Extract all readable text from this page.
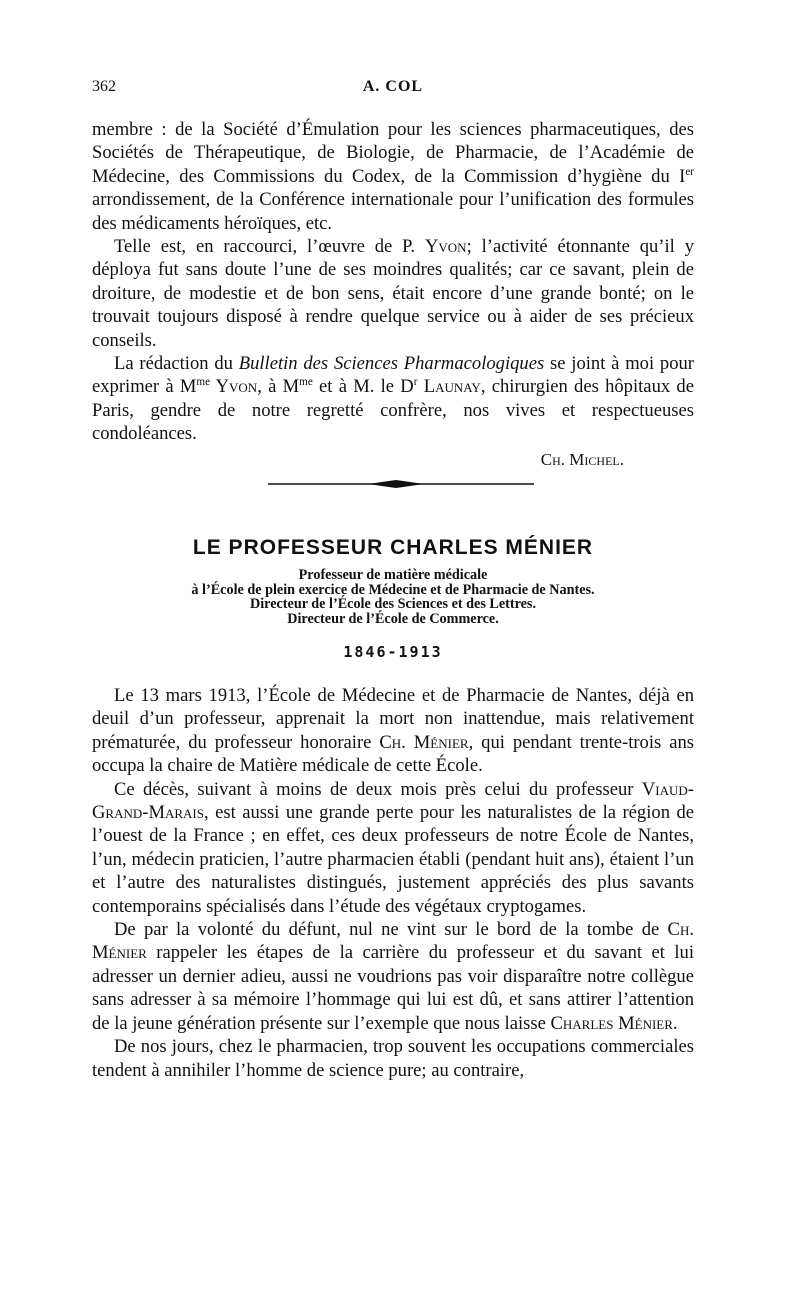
362	A. COL

membre : de la Société d’Émulation pour les sciences pharmaceutiques, des Sociétés de Thérapeutique, de Biologie, de Pharmacie, de l’Académie de Médecine, des Commissions du Codex, de la Commission d’hygiène du Ier arrondissement, de la Conférence internationale pour l’unification des formules des médicaments héroïques, etc.

Telle est, en raccourci, l’œuvre de P. Yvon; l’activité étonnante qu’il y déploya fut sans doute l’une de ses moindres qualités; car ce savant, plein de droiture, de modestie et de bon sens, était encore d’une grande bonté; on le trouvait toujours disposé à rendre quelque service ou à aider de ses précieux conseils.

La rédaction du Bulletin des Sciences Pharmacologiques se joint à moi pour exprimer à $M^{me}$ Yvon, à $M^{me}$ et à M. le $D^r$ Launay, chirurgien des hôpitaux de Paris, gendre de notre regretté confrère, nos vives et respectueuses condoléances.

Ch. Michel.
LE PROFESSEUR CHARLES MÉNIER
Professeur de matière médicale
à l’École de plein exercice de Médecine et de Pharmacie de Nantes.
Directeur de l’École des Sciences et des Lettres.
Directeur de l’École de Commerce.
1846-1913

Le 13 mars 1913, l’École de Médecine et de Pharmacie de Nantes, déjà en deuil d’un professeur, apprenait la mort non inattendue, mais relativement prématurée, du professeur honoraire Ch. Ménier, qui pendant trente-trois ans occupa la chaire de Matière médicale de cette École.

Ce décès, suivant à moins de deux mois près celui du professeur Viaud-Grand-Marais, est aussi une grande perte pour les naturalistes de la région de l’ouest de la France ; en effet, ces deux professeurs de notre École de Nantes, l’un, médecin praticien, l’autre pharmacien établi (pendant huit ans), étaient l’un et l’autre des naturalistes distingués, justement appréciés des plus savants contemporains spécialisés dans l’étude des végétaux cryptogames.

De par la volonté du défunt, nul ne vint sur le bord de la tombe de Ch. Ménier rappeler les étapes de la carrière du professeur et du savant et lui adresser un dernier adieu, aussi ne voudrions pas voir disparaître notre collègue sans adresser à sa mémoire l’hommage qui lui est dû, et sans attirer l’attention de la jeune génération présente sur l’exemple que nous laisse Charles Ménier.

De nos jours, chez le pharmacien, trop souvent les occupations commerciales tendent à annihiler l’homme de science pure; au contraire,
